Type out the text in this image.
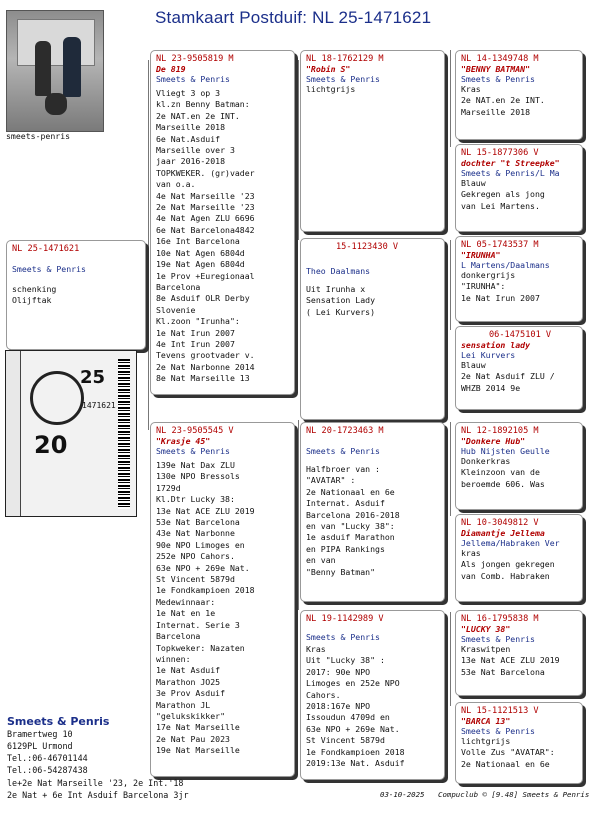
Stamkaart Postduif: NL 25-1471621
smeets-penris
NL 25-1471621
Smeets & Penris
schenking
Olijftak
25
1471621
20
NL 23-9505819 M
De 819
Smeets & Penris
Vliegt 3 op 3
kl.zn Benny Batman:
2e NAT.en 2e INT.
Marseille 2018
6e Nat.Asduif
Marseille over 3
jaar 2016-2018
TOPKWEKER. (gr)vader
van o.a.
4e Nat Marseille '23
2e Nat Marseille '23
4e Nat Agen ZLU 6696
6e Nat Barcelona4842
16e Int Barcelona
10e Nat Agen 6804d
19e Nat Agen 6804d
1e Prov +Euregionaal
Barcelona
8e Asduif OLR Derby
Slovenie
Kl.zoon "Irunha":
1e Nat Irun 2007
4e Int Irun 2007
Tevens grootvader v.
2e Nat Narbonne 2014
8e Nat Marseille 13
NL 23-9505545 V
"Krasje 45"
Smeets & Penris
139e Nat Dax ZLU
130e NPO Bressols
1729d
Kl.Dtr Lucky 38:
13e Nat ACE ZLU 2019
53e Nat Barcelona
43e Nat Narbonne
90e NPO Limoges en
252e NPO Cahors.
63e NPO + 269e Nat.
St Vincent 5879d
1e Fondkampioen 2018
Medewinnaar:
1e Nat en 1e
Internat. Serie 3
Barcelona
Topkweker: Nazaten
winnen:
1e Nat Asduif
Marathon JO25
3e Prov Asduif
Marathon JL
"gelukskikker"
17e Nat Marseille
2e Nat Pau 2023
19e Nat Marseille
NL 18-1762129 M
"Robin S"
Smeets & Penris
lichtgrijs
15-1123430 V
Theo Daalmans
Uit Irunha x
Sensation Lady
( Lei Kurvers)
NL 20-1723463 M
Smeets & Penris
Halfbroer van :
"AVATAR" :
2e Nationaal en 6e
Internat. Asduif
Barcelona 2016-2018
en van "Lucky 38":
1e asduif Marathon
en PIPA Rankings
en van
"Benny Batman"
NL 19-1142989 V
Smeets & Penris
Kras
Uit "Lucky 38" :
2017: 90e NPO
Limoges en 252e NPO
Cahors.
2018:167e NPO
Issoudun 4709d en
63e NPO + 269e Nat.
St Vincent 5879d
1e Fondkampioen 2018
2019:13e Nat. Asduif
NL 14-1349748 M
"BENNY BATMAN"
Smeets & Penris
Kras
2e NAT.en 2e INT.
Marseille 2018
NL 15-1877306 V
dochter "t Streepke"
Smeets & Penris/L Ma
Blauw
Gekregen als jong
van Lei Martens.
NL 05-1743537 M
"IRUNHA"
L Martens/Daalmans
donkergrijs
"IRUNHA":
1e Nat Irun 2007
06-1475101 V
sensation lady
Lei Kurvers
Blauw
2e Nat Asduif ZLU /
WHZB 2014 9e
NL 12-1892105 M
"Donkere Hub"
Hub Nijsten Geulle
Donkerkras
Kleinzoon van de
beroemde 606. Was
NL 10-3049812 V
Diamantje Jellema
Jellema/Habraken Ver
kras
Als jongen gekregen
van Comb. Habraken
NL 16-1795838 M
"LUCKY 38"
Smeets & Penris
Kraswitpen
13e Nat ACE ZLU 2019
53e Nat Barcelona
NL 15-1121513 V
"BARCA 13"
Smeets & Penris
lichtgrijs
Volle Zus "AVATAR":
2e Nationaal en 6e
Smeets & Penris
Bramertweg 10
6129PL Urmond
Tel.:06-46701144
Tel.:06-54287438
le+2e Nat Marseille '23, 2e Int.'18
2e Nat + 6e Int Asduif Barcelona 3jr	03-10-2025 Compuclub © [9.48] Smeets & Penris
